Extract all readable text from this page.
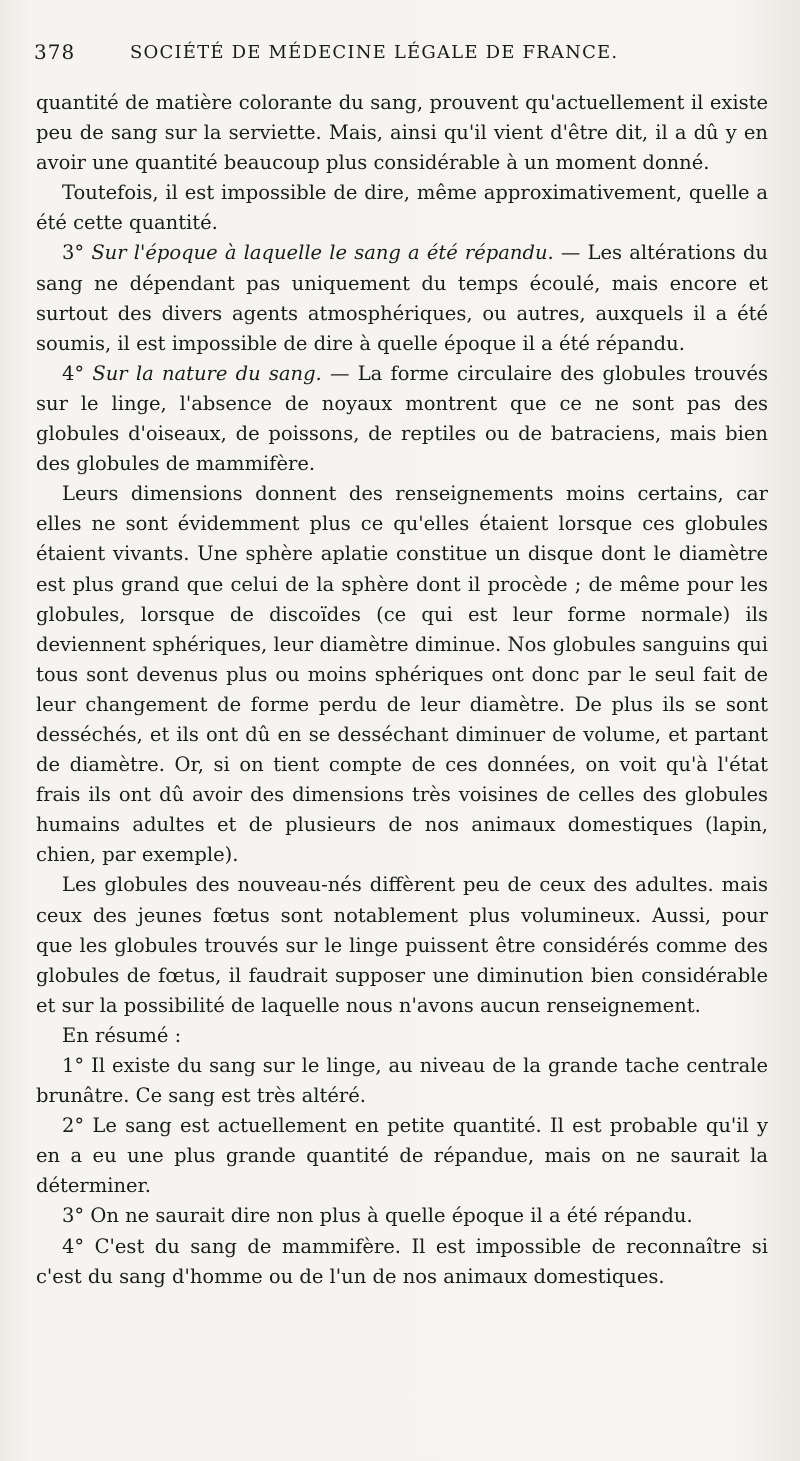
378	SOCIÉTÉ DE MÉDECINE LÉGALE DE FRANCE.

quantité de matière colorante du sang, prouvent qu'actuellement il existe peu de sang sur la serviette. Mais, ainsi qu'il vient d'être dit, il a dû y en avoir une quantité beaucoup plus considérable à un moment donné.

Toutefois, il est impossible de dire, même approximativement, quelle a été cette quantité.

3° Sur l'époque à laquelle le sang a été répandu. — Les altérations du sang ne dépendant pas uniquement du temps écoulé, mais encore et surtout des divers agents atmosphériques, ou autres, auxquels il a été soumis, il est impossible de dire à quelle époque il a été répandu.

4° Sur la nature du sang. — La forme circulaire des globules trouvés sur le linge, l'absence de noyaux montrent que ce ne sont pas des globules d'oiseaux, de poissons, de reptiles ou de batraciens, mais bien des globules de mammifère.

Leurs dimensions donnent des renseignements moins certains, car elles ne sont évidemment plus ce qu'elles étaient lorsque ces globules étaient vivants. Une sphère aplatie constitue un disque dont le diamètre est plus grand que celui de la sphère dont il procède ; de même pour les globules, lorsque de discoïdes (ce qui est leur forme normale) ils deviennent sphériques, leur diamètre diminue. Nos globules sanguins qui tous sont devenus plus ou moins sphériques ont donc par le seul fait de leur changement de forme perdu de leur diamètre. De plus ils se sont desséchés, et ils ont dû en se desséchant diminuer de volume, et partant de diamètre. Or, si on tient compte de ces données, on voit qu'à l'état frais ils ont dû avoir des dimensions très voisines de celles des globules humains adultes et de plusieurs de nos animaux domestiques (lapin, chien, par exemple).

Les globules des nouveau-nés diffèrent peu de ceux des adultes. mais ceux des jeunes fœtus sont notablement plus volumineux. Aussi, pour que les globules trouvés sur le linge puissent être considérés comme des globules de fœtus, il faudrait supposer une diminution bien considérable et sur la possibilité de laquelle nous n'avons aucun renseignement.

En résumé :

1° Il existe du sang sur le linge, au niveau de la grande tache centrale brunâtre. Ce sang est très altéré.

2° Le sang est actuellement en petite quantité. Il est probable qu'il y en a eu une plus grande quantité de répandue, mais on ne saurait la déterminer.

3° On ne saurait dire non plus à quelle époque il a été répandu.

4° C'est du sang de mammifère. Il est impossible de reconnaître si c'est du sang d'homme ou de l'un de nos animaux domestiques.
